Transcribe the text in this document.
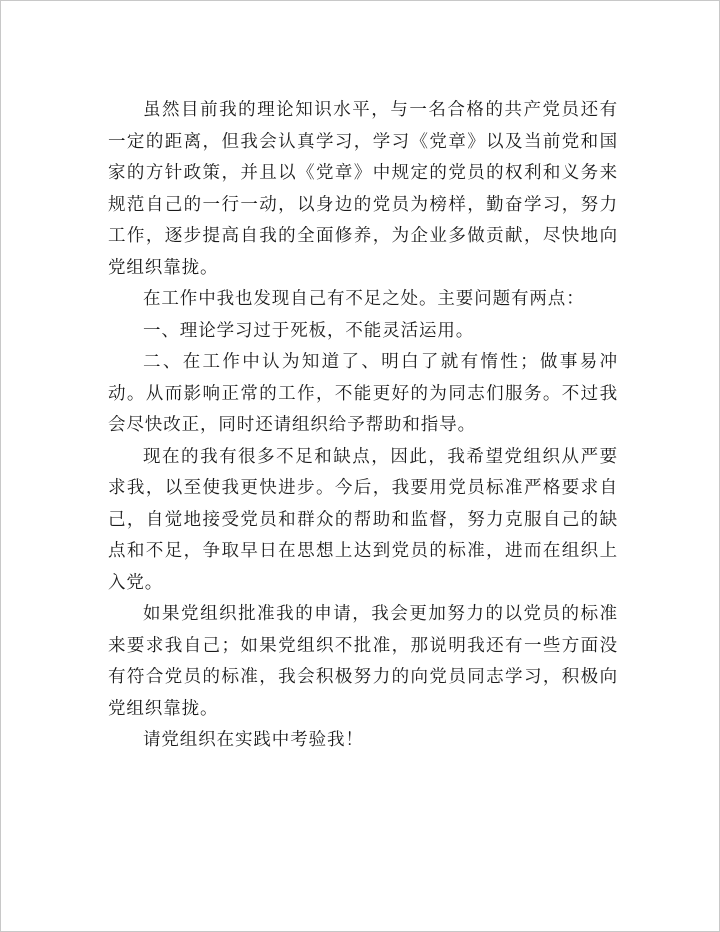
虽然目前我的理论知识水平，与一名合格的共产党员还有一定的距离，但我会认真学习，学习《党章》以及当前党和国家的方针政策，并且以《党章》中规定的党员的权利和义务来规范自己的一行一动，以身边的党员为榜样，勤奋学习，努力工作，逐步提高自我的全面修养，为企业多做贡献，尽快地向党组织靠拢。

在工作中我也发现自己有不足之处。主要问题有两点：

一、理论学习过于死板，不能灵活运用。

二、在工作中认为知道了、明白了就有惰性；做事易冲动。从而影响正常的工作，不能更好的为同志们服务。不过我会尽快改正，同时还请组织给予帮助和指导。

现在的我有很多不足和缺点，因此，我希望党组织从严要求我，以至使我更快进步。今后，我要用党员标准严格要求自己，自觉地接受党员和群众的帮助和监督，努力克服自己的缺点和不足，争取早日在思想上达到党员的标准，进而在组织上入党。

如果党组织批准我的申请，我会更加努力的以党员的标准来要求我自己；如果党组织不批准，那说明我还有一些方面没有符合党员的标准，我会积极努力的向党员同志学习，积极向党组织靠拢。

请党组织在实践中考验我！
